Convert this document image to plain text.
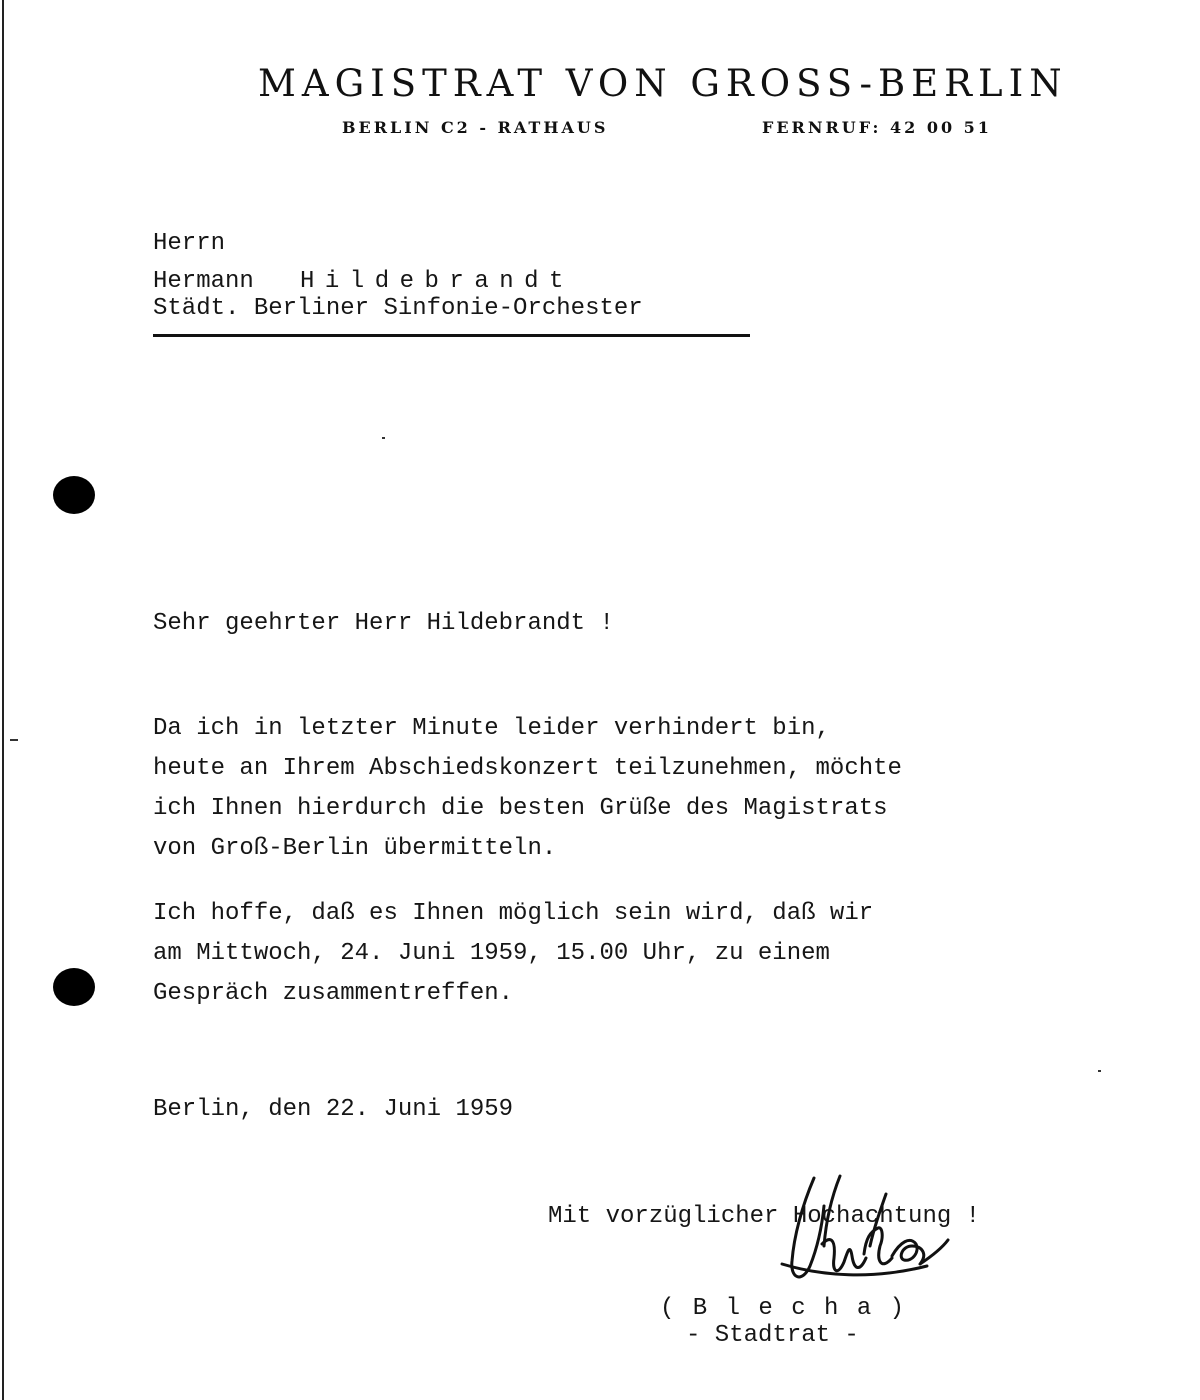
MAGISTRAT VON GROSS-BERLIN
BERLIN C2 - RATHAUS	FERNRUF: 42 00 51
Herrn
Hermann Hildebrandt
Städt. Berliner Sinfonie-Orchester
Sehr geehrter Herr Hildebrandt !
Da ich in letzter Minute leider verhindert bin,
heute an Ihrem Abschiedskonzert teilzunehmen, möchte
ich Ihnen hierdurch die besten Grüße des Magistrats
von Groß-Berlin übermitteln.
Ich hoffe, daß es Ihnen möglich sein wird, daß wir
am Mittwoch, 24. Juni 1959, 15.00 Uhr, zu einem
Gespräch zusammentreffen.
Berlin, den 22. Juni 1959
Mit vorzüglicher Hochachtung !
( B l e c h a )
- Stadtrat -
